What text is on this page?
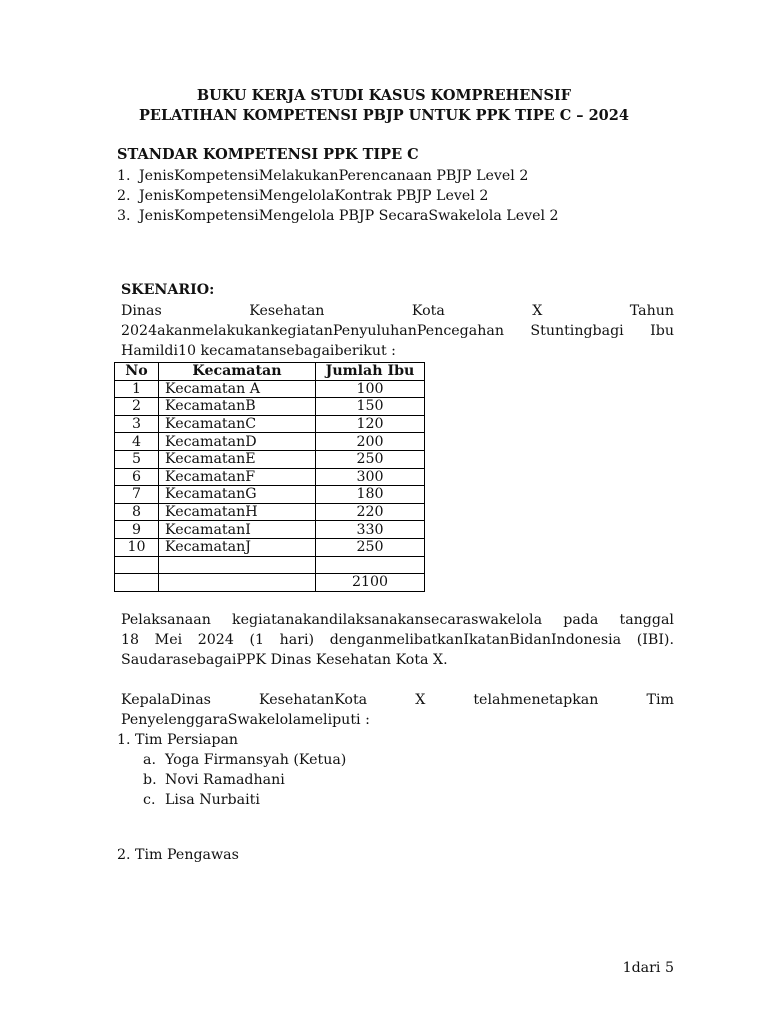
BUKU KERJA STUDI KASUS KOMPREHENSIF
PELATIHAN KOMPETENSI PBJP UNTUK PPK TIPE C – 2024
STANDAR KOMPETENSI PPK TIPE C
1. JenisKompetensiMelakukanPerencanaan PBJP Level 2
2. JenisKompetensiMengelolaKontrak PBJP Level 2
3. JenisKompetensiMengelola PBJP SecaraSwakelola Level 2
SKENARIO:
Dinas	Kesehatan	Kota	X	Tahun
2024akanmelakukankegiatanPenyuluhanPencegahan Stuntingbagi Ibu
Hamildi10 kecamatansebagaiberikut :
No	Kecamatan	Jumlah Ibu
1	Kecamatan A	100
2	KecamatanB	150
3	KecamatanC	120
4	KecamatanD	200
5	KecamatanE	250
6	KecamatanF	300
7	KecamatanG	180
8	KecamatanH	220
9	KecamatanI	330
10	KecamatanJ	250

		2100
Pelaksanaan kegiatanakandilaksanakansecaraswakelola pada tanggal
18 Mei 2024 (1 hari) denganmelibatkanIkatanBidanIndonesia (IBI).
SaudarasebagaiPPK Dinas Kesehatan Kota X.
KepalaDinas	KesehatanKota	X	telahmenetapkan	Tim
PenyelenggaraSwakelolameliputi :
1. Tim Persiapan
a. Yoga Firmansyah (Ketua)
b. Novi Ramadhani
c. Lisa Nurbaiti
2. Tim Pengawas
1dari 5
